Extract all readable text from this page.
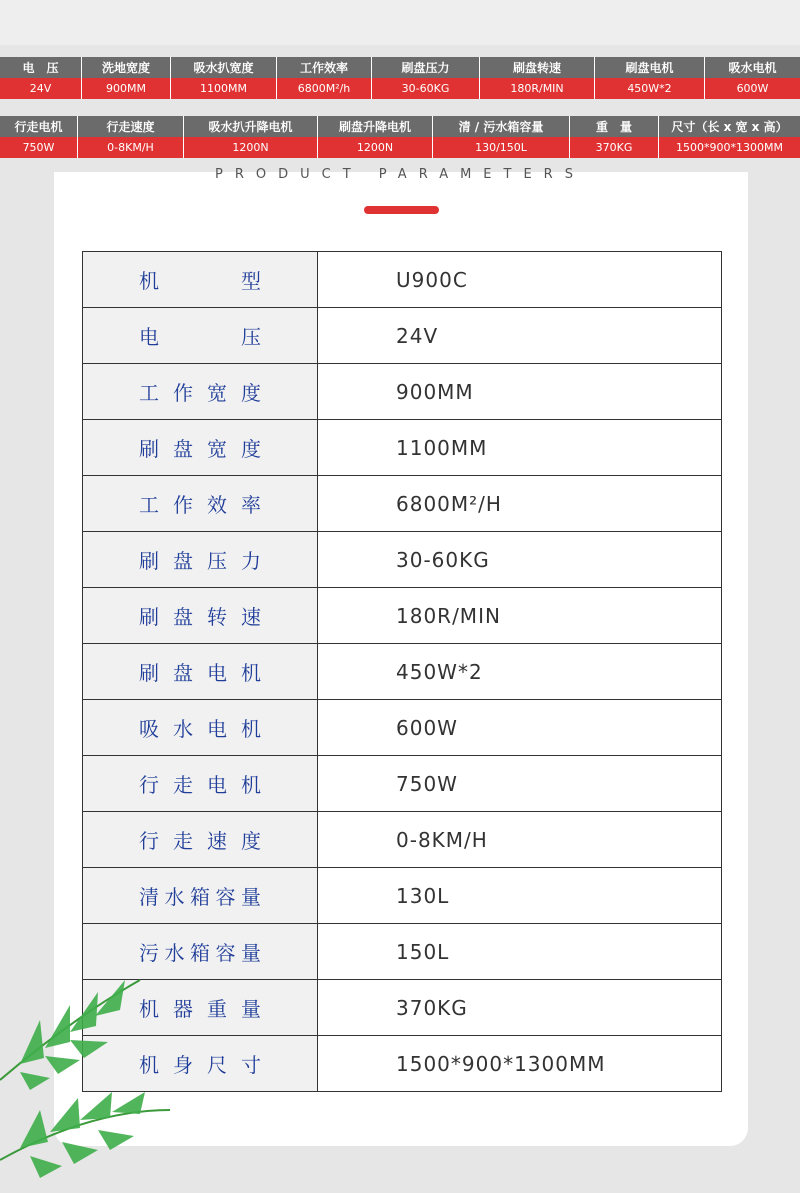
电　压	洗地宽度	吸水扒宽度	工作效率	刷盘压力	刷盘转速	刷盘电机	吸水电机
24V	900MM	1100MM	6800M²/h	30-60KG	180R/MIN	450W*2	600W
行走电机	行走速度	吸水扒升降电机	刷盘升降电机	清 / 污水箱容量	重　量	尺寸（长 x 宽 x 高）
750W	0-8KM/H	1200N	1200N	130/150L	370KG	1500*900*1300MM
PRODUCT PARAMETERS
机型	U900C

电压	24V

工作宽度	900MM

刷盘宽度	1100MM

工作效率	6800M²/H

刷盘压力	30-60KG

刷盘转速	180R/MIN

刷盘电机	450W*2

吸水电机	600W

行走电机	750W

行走速度	0-8KM/H

清水箱容量	130L

污水箱容量	150L

机器重量	370KG

机身尺寸	1500*900*1300MM
